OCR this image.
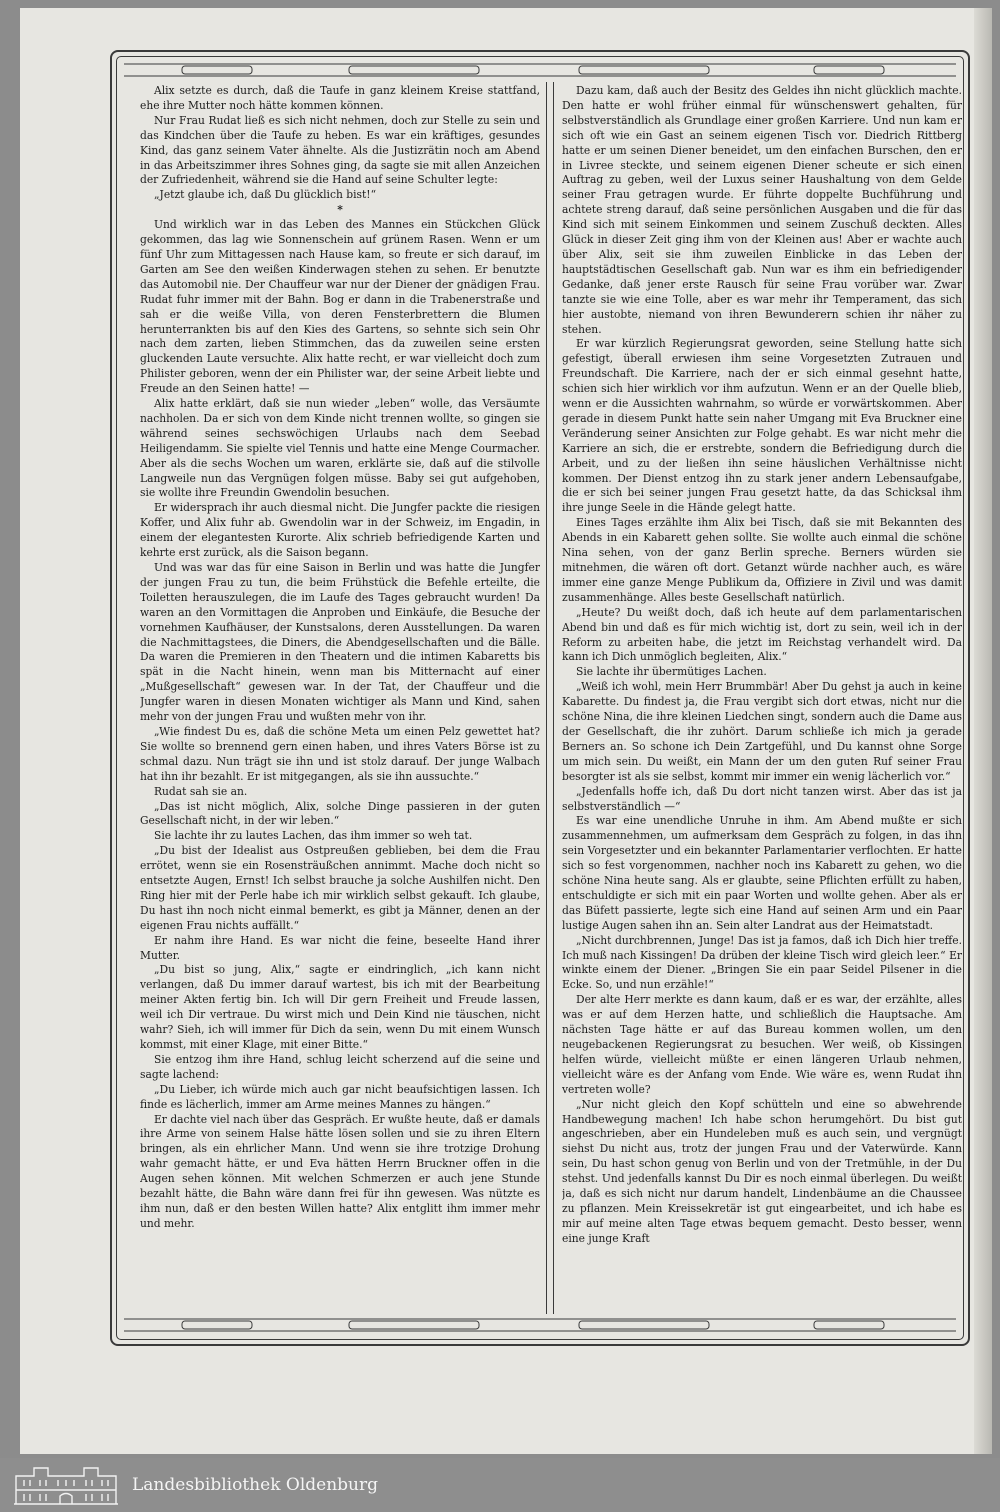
Alix setzte es durch, daß die Taufe in ganz kleinem Kreise stattfand, ehe ihre Mutter noch hätte kommen können.

Nur Frau Rudat ließ es sich nicht nehmen, doch zur Stelle zu sein und das Kindchen über die Taufe zu heben. Es war ein kräftiges, gesundes Kind, das ganz seinem Vater ähnelte. Als die Justizrätin noch am Abend in das Arbeitszimmer ihres Sohnes ging, da sagte sie mit allen Anzeichen der Zufriedenheit, während sie die Hand auf seine Schulter legte:

„Jetzt glaube ich, daß Du glücklich bist!“

*

Und wirklich war in das Leben des Mannes ein Stückchen Glück gekommen, das lag wie Sonnenschein auf grünem Rasen. Wenn er um fünf Uhr zum Mittagessen nach Hause kam, so freute er sich darauf, im Garten am See den weißen Kinderwagen stehen zu sehen. Er benutzte das Automobil nie. Der Chauffeur war nur der Diener der gnädigen Frau. Rudat fuhr immer mit der Bahn. Bog er dann in die Trabenerstraße und sah er die weiße Villa, von deren Fensterbrettern die Blumen herunterrankten bis auf den Kies des Gartens, so sehnte sich sein Ohr nach dem zarten, lieben Stimmchen, das da zuweilen seine ersten gluckenden Laute versuchte. Alix hatte recht, er war vielleicht doch zum Philister geboren, wenn der ein Philister war, der seine Arbeit liebte und Freude an den Seinen hatte! —

Alix hatte erklärt, daß sie nun wieder „leben“ wolle, das Versäumte nachholen. Da er sich von dem Kinde nicht trennen wollte, so gingen sie während seines sechswöchigen Urlaubs nach dem Seebad Heiligendamm. Sie spielte viel Tennis und hatte eine Menge Courmacher. Aber als die sechs Wochen um waren, erklärte sie, daß auf die stilvolle Langweile nun das Vergnügen folgen müsse. Baby sei gut aufgehoben, sie wollte ihre Freundin Gwendolin besuchen.

Er widersprach ihr auch diesmal nicht. Die Jungfer packte die riesigen Koffer, und Alix fuhr ab. Gwendolin war in der Schweiz, im Engadin, in einem der elegantesten Kurorte. Alix schrieb befriedigende Karten und kehrte erst zurück, als die Saison begann.

Und was war das für eine Saison in Berlin und was hatte die Jungfer der jungen Frau zu tun, die beim Frühstück die Befehle erteilte, die Toiletten herauszulegen, die im Laufe des Tages gebraucht wurden! Da waren an den Vormittagen die Anproben und Einkäufe, die Besuche der vornehmen Kaufhäuser, der Kunstsalons, deren Ausstellungen. Da waren die Nachmittagstees, die Diners, die Abendgesellschaften und die Bälle. Da waren die Premieren in den Theatern und die intimen Kabaretts bis spät in die Nacht hinein, wenn man bis Mitternacht auf einer „Mußgesellschaft“ gewesen war. In der Tat, der Chauffeur und die Jungfer waren in diesen Monaten wichtiger als Mann und Kind, sahen mehr von der jungen Frau und wußten mehr von ihr.

„Wie findest Du es, daß die schöne Meta um einen Pelz gewettet hat? Sie wollte so brennend gern einen haben, und ihres Vaters Börse ist zu schmal dazu. Nun trägt sie ihn und ist stolz darauf. Der junge Walbach hat ihn ihr bezahlt. Er ist mitgegangen, als sie ihn aussuchte.“

Rudat sah sie an.

„Das ist nicht möglich, Alix, solche Dinge passieren in der guten Gesellschaft nicht, in der wir leben.“

Sie lachte ihr zu lautes Lachen, das ihm immer so weh tat.

„Du bist der Idealist aus Ostpreußen geblieben, bei dem die Frau errötet, wenn sie ein Rosensträußchen annimmt. Mache doch nicht so entsetzte Augen, Ernst! Ich selbst brauche ja solche Aushilfen nicht. Den Ring hier mit der Perle habe ich mir wirklich selbst gekauft. Ich glaube, Du hast ihn noch nicht einmal bemerkt, es gibt ja Männer, denen an der eigenen Frau nichts auffällt.“

Er nahm ihre Hand. Es war nicht die feine, beseelte Hand ihrer Mutter.

„Du bist so jung, Alix,“ sagte er eindringlich, „ich kann nicht verlangen, daß Du immer darauf wartest, bis ich mit der Bearbeitung meiner Akten fertig bin. Ich will Dir gern Freiheit und Freude lassen, weil ich Dir vertraue. Du wirst mich und Dein Kind nie täuschen, nicht wahr? Sieh, ich will immer für Dich da sein, wenn Du mit einem Wunsch kommst, mit einer Klage, mit einer Bitte.“

Sie entzog ihm ihre Hand, schlug leicht scherzend auf die seine und sagte lachend:

„Du Lieber, ich würde mich auch gar nicht beaufsichtigen lassen. Ich finde es lächerlich, immer am Arme meines Mannes zu hängen.“

Er dachte viel nach über das Gespräch. Er wußte heute, daß er damals ihre Arme von seinem Halse hätte lösen sollen und sie zu ihren Eltern bringen, als ein ehrlicher Mann. Und wenn sie ihre trotzige Drohung wahr gemacht hätte, er und Eva hätten Herrn Bruckner offen in die Augen sehen können. Mit welchen Schmerzen er auch jene Stunde bezahlt hätte, die Bahn wäre dann frei für ihn gewesen. Was nützte es ihm nun, daß er den besten Willen hatte? Alix entglitt ihm immer mehr und mehr.

Dazu kam, daß auch der Besitz des Geldes ihn nicht glücklich machte. Den hatte er wohl früher einmal für wünschenswert gehalten, für selbstverständlich als Grundlage einer großen Karriere. Und nun kam er sich oft wie ein Gast an seinem eigenen Tisch vor. Diedrich Rittberg hatte er um seinen Diener beneidet, um den einfachen Burschen, den er in Livree steckte, und seinem eigenen Diener scheute er sich einen Auftrag zu geben, weil der Luxus seiner Haushaltung von dem Gelde seiner Frau getragen wurde. Er führte doppelte Buchführung und achtete streng darauf, daß seine persönlichen Ausgaben und die für das Kind sich mit seinem Einkommen und seinem Zuschuß deckten. Alles Glück in dieser Zeit ging ihm von der Kleinen aus! Aber er wachte auch über Alix, seit sie ihm zuweilen Einblicke in das Leben der hauptstädtischen Gesellschaft gab. Nun war es ihm ein befriedigender Gedanke, daß jener erste Rausch für seine Frau vorüber war. Zwar tanzte sie wie eine Tolle, aber es war mehr ihr Temperament, das sich hier austobte, niemand von ihren Bewunderern schien ihr näher zu stehen.

Er war kürzlich Regierungsrat geworden, seine Stellung hatte sich gefestigt, überall erwiesen ihm seine Vorgesetzten Zutrauen und Freundschaft. Die Karriere, nach der er sich einmal gesehnt hatte, schien sich hier wirklich vor ihm aufzutun. Wenn er an der Quelle blieb, wenn er die Aussichten wahrnahm, so würde er vorwärtskommen. Aber gerade in diesem Punkt hatte sein naher Umgang mit Eva Bruckner eine Veränderung seiner Ansichten zur Folge gehabt. Es war nicht mehr die Karriere an sich, die er erstrebte, sondern die Befriedigung durch die Arbeit, und zu der ließen ihn seine häuslichen Verhältnisse nicht kommen. Der Dienst entzog ihn zu stark jener andern Lebensaufgabe, die er sich bei seiner jungen Frau gesetzt hatte, da das Schicksal ihm ihre junge Seele in die Hände gelegt hatte.

Eines Tages erzählte ihm Alix bei Tisch, daß sie mit Bekannten des Abends in ein Kabarett gehen sollte. Sie wollte auch einmal die schöne Nina sehen, von der ganz Berlin spreche. Berners würden sie mitnehmen, die wären oft dort. Getanzt würde nachher auch, es wäre immer eine ganze Menge Publikum da, Offiziere in Zivil und was damit zusammenhänge. Alles beste Gesellschaft natürlich.

„Heute? Du weißt doch, daß ich heute auf dem parlamentarischen Abend bin und daß es für mich wichtig ist, dort zu sein, weil ich in der Reform zu arbeiten habe, die jetzt im Reichstag verhandelt wird. Da kann ich Dich unmöglich begleiten, Alix.“

Sie lachte ihr übermütiges Lachen.

„Weiß ich wohl, mein Herr Brummbär! Aber Du gehst ja auch in keine Kabarette. Du findest ja, die Frau vergibt sich dort etwas, nicht nur die schöne Nina, die ihre kleinen Liedchen singt, sondern auch die Dame aus der Gesellschaft, die ihr zuhört. Darum schließe ich mich ja gerade Berners an. So schone ich Dein Zartgefühl, und Du kannst ohne Sorge um mich sein. Du weißt, ein Mann der um den guten Ruf seiner Frau besorgter ist als sie selbst, kommt mir immer ein wenig lächerlich vor.“

„Jedenfalls hoffe ich, daß Du dort nicht tanzen wirst. Aber das ist ja selbstverständlich —“

Es war eine unendliche Unruhe in ihm. Am Abend mußte er sich zusammennehmen, um aufmerksam dem Gespräch zu folgen, in das ihn sein Vorgesetzter und ein bekannter Parlamentarier verflochten. Er hatte sich so fest vorgenommen, nachher noch ins Kabarett zu gehen, wo die schöne Nina heute sang. Als er glaubte, seine Pflichten erfüllt zu haben, entschuldigte er sich mit ein paar Worten und wollte gehen. Aber als er das Büfett passierte, legte sich eine Hand auf seinen Arm und ein Paar lustige Augen sahen ihn an. Sein alter Landrat aus der Heimatstadt.

„Nicht durchbrennen, Junge! Das ist ja famos, daß ich Dich hier treffe. Ich muß nach Kissingen! Da drüben der kleine Tisch wird gleich leer.“ Er winkte einem der Diener. „Bringen Sie ein paar Seidel Pilsener in die Ecke. So, und nun erzähle!“

Der alte Herr merkte es dann kaum, daß er es war, der erzählte, alles was er auf dem Herzen hatte, und schließlich die Hauptsache. Am nächsten Tage hätte er auf das Bureau kommen wollen, um den neugebackenen Regierungsrat zu besuchen. Wer weiß, ob Kissingen helfen würde, vielleicht müßte er einen längeren Urlaub nehmen, vielleicht wäre es der Anfang vom Ende. Wie wäre es, wenn Rudat ihn vertreten wolle?

„Nur nicht gleich den Kopf schütteln und eine so abwehrende Handbewegung machen! Ich habe schon herumgehört. Du bist gut angeschrieben, aber ein Hundeleben muß es auch sein, und vergnügt siehst Du nicht aus, trotz der jungen Frau und der Vaterwürde. Kann sein, Du hast schon genug von Berlin und von der Tretmühle, in der Du stehst. Und jedenfalls kannst Du Dir es noch einmal überlegen. Du weißt ja, daß es sich nicht nur darum handelt, Lindenbäume an die Chaussee zu pflanzen. Mein Kreissekretär ist gut eingearbeitet, und ich habe es mir auf meine alten Tage etwas bequem gemacht. Desto besser, wenn eine junge Kraft

Landesbibliothek Oldenburg
